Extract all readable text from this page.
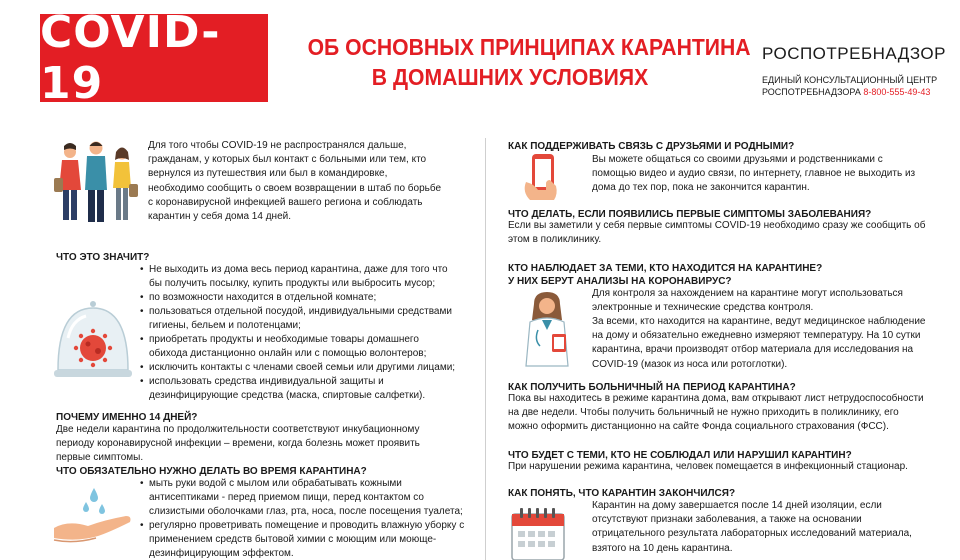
COVID-19
ОБ ОСНОВНЫХ ПРИНЦИПАХ КАРАНТИНА
В ДОМАШНИХ УСЛОВИЯХ
РОСПОТРЕБНАДЗОР
ЕДИНЫЙ КОНСУЛЬТАЦИОННЫЙ ЦЕНТР
РОСПОТРЕБНАДЗОРА 8-800-555-49-43
Для того чтобы COVID-19 не распространялся дальше, гражданам, у которых был контакт с больными или тем, кто вернулся из путешествия или был в командировке, необходимо сообщить о своем возвращении в штаб по борьбе с коронавирусной инфекцией вашего региона и соблюдать карантин у себя дома 14 дней.
ЧТО ЭТО ЗНАЧИТ?
• Не выходить из дома весь период карантина, даже для того что бы получить посылку, купить продукты или выбросить мусор;
• по возможности находится в отдельной комнате;
• пользоваться отдельной посудой, индивидуальными средствами гигиены, бельем и полотенцами;
• приобретать продукты и необходимые товары домашнего обихода дистанционно онлайн или с помощью волонтеров;
• исключить контакты с членами своей семьи или другими лицами;
• использовать средства индивидуальной защиты и дезинфицирующие средства (маска, спиртовые салфетки).
ПОЧЕМУ ИМЕННО 14 ДНЕЙ?
Две недели карантина по продолжительности соответствуют инкубационному периоду коронавирусной инфекции – времени, когда болезнь может проявить первые симптомы.
ЧТО ОБЯЗАТЕЛЬНО НУЖНО ДЕЛАТЬ ВО ВРЕМЯ КАРАНТИНА?
• мыть руки водой с мылом или обрабатывать кожными антисептиками - перед приемом пищи, перед контактом со слизистыми оболочками глаз, рта, носа, после посещения туалета;
• регулярно проветривать помещение и проводить влажную уборку с применением средств бытовой химии с моющим или моюще-дезинфицирующим эффектом.
КАК ПОДДЕРЖИВАТЬ СВЯЗЬ С ДРУЗЬЯМИ И РОДНЫМИ?
Вы можете общаться со своими друзьями и родственниками с помощью видео и аудио связи, по интернету, главное не выходить из дома до тех пор, пока не закончится карантин.
ЧТО ДЕЛАТЬ, ЕСЛИ ПОЯВИЛИСЬ ПЕРВЫЕ СИМПТОМЫ ЗАБОЛЕВАНИЯ?
Если вы заметили у себя первые симптомы COVID-19 необходимо сразу же сообщить об этом в поликлинику.
КТО НАБЛЮДАЕТ ЗА ТЕМИ, КТО НАХОДИТСЯ НА КАРАНТИНЕ?
У НИХ БЕРУТ АНАЛИЗЫ НА КОРОНАВИРУС?
Для контроля за нахождением на карантине могут использоваться электронные и технические средства контроля.
За всеми, кто находится на карантине, ведут медицинское наблюдение на дому и обязательно ежедневно измеряют температуру. На 10 сутки карантина, врачи производят отбор материала для исследования на COVID-19 (мазок из носа или ротоглотки).
КАК ПОЛУЧИТЬ БОЛЬНИЧНЫЙ НА ПЕРИОД КАРАНТИНА?
Пока вы находитесь в режиме карантина дома, вам открывают лист нетрудоспособности на две недели. Чтобы получить больничный не нужно приходить в поликлинику, его можно оформить дистанционно на сайте Фонда социального страхования (ФСС).
ЧТО БУДЕТ С ТЕМИ, КТО НЕ СОБЛЮДАЛ ИЛИ НАРУШИЛ КАРАНТИН?
При нарушении режима карантина, человек помещается в инфекционный стационар.
КАК ПОНЯТЬ, ЧТО КАРАНТИН ЗАКОНЧИЛСЯ?
Карантин на дому завершается после 14 дней изоляции, если отсутствуют признаки заболевания, а также на основании отрицательного результата лабораторных исследований материала, взятого на 10 день карантина.
